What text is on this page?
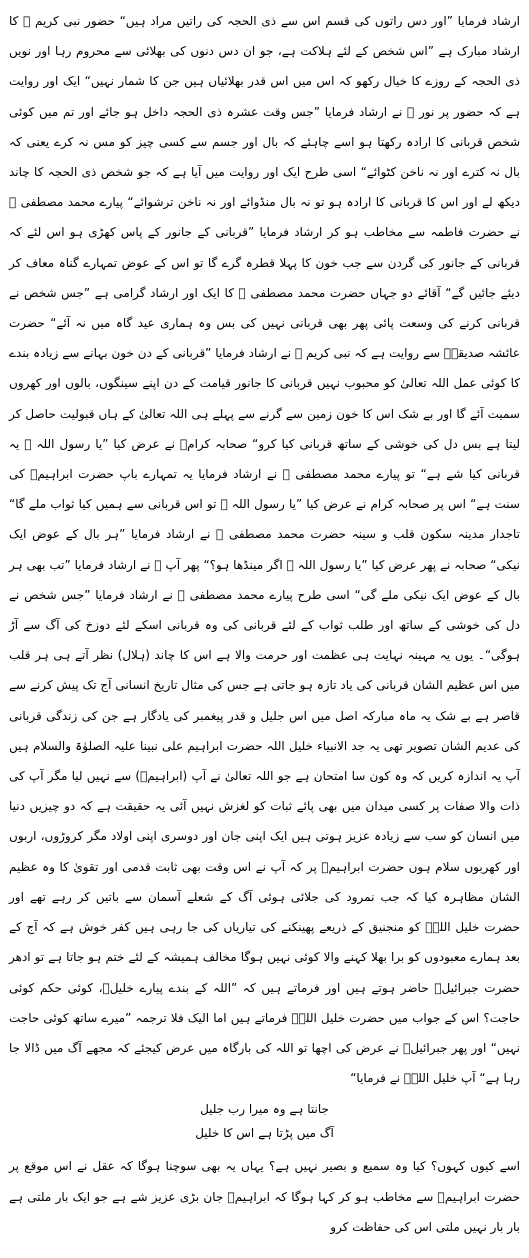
ارشاد فرمایا ”اور دس راتوں کی قسم اس سے ذی الحجہ کی راتیں مراد ہیں“ حضور نبی کریم ﷺ کا ارشاد مبارک ہے ”اس شخص کے لئے ہلاکت ہے، جو ان دس دنوں کی بھلائی سے محروم رہا اور نویں ذی الحجہ کے روزے کا خیال رکھو کہ اس میں اس قدر بھلائیاں ہیں جن کا شمار نہیں“ ایک اور روایت ہے کہ حضور پر نور ﷺ نے ارشاد فرمایا ”جس وقت عشرہ ذی الحجہ داخل ہو جائے اور تم میں کوئی شخص قربانی کا ارادہ رکھتا ہو اسے چاہئے کہ بال اور جسم سے کسی چیز کو مس نہ کرے یعنی کہ بال نہ کترے اور نہ ناخن کٹوائے“ اسی طرح ایک اور روایت میں آیا ہے کہ جو شخص ذی الحجہ کا چاند دیکھ لے اور اس کا قربانی کا ارادہ ہو تو نہ بال منڈوائے اور نہ ناخن ترشوائے“ پیارے محمد مصطفی ﷺ نے حضرت فاطمہ سے مخاطب ہو کر ارشاد فرمایا ”قربانی کے جانور کے پاس کھڑی ہو اس لئے کہ قربانی کے جانور کی گردن سے جب خون کا پہلا قطرہ گرے گا تو اس کے عوض تمہارے گناہ معاف کر دیئے جائیں گے“ آقائے دو جہاں حضرت محمد مصطفی ﷺ کا ایک اور ارشاد گرامی ہے ”جس شخص نے قربانی کرنے کی وسعت پائی پھر بھی قربانی نہیں کی بس وہ ہماری عید گاہ میں نہ آئے“ حضرت عائشہ صدیقہؓ سے روایت ہے کہ نبی کریم ﷺ نے ارشاد فرمایا ”قربانی کے دن خون بہانے سے زیادہ بندے کا کوئی عمل اللہ تعالیٰ کو محبوب نہیں قربانی کا جانور قیامت کے دن اپنے سینگوں، بالوں اور کھروں سمیت آئے گا اور بے شک اس کا خون زمین سے گرنے سے پہلے ہی اللہ تعالیٰ کے ہاں قبولیت حاصل کر لیتا ہے بس دل کی خوشی کے ساتھ قربانی کیا کرو“ صحابہ کرامؓ نے عرض کیا ”یا رسول اللہ ﷺ یہ قربانی کیا شے ہے“ تو پیارے محمد مصطفی ﷺ نے ارشاد فرمایا یہ تمہارے باپ حضرت ابراہیمؑ کی سنت ہے“ اس پر صحابہ کرام نے عرض کیا ”یا رسول اللہ ﷺ تو اس قربانی سے ہمیں کیا ثواب ملے گا“ تاجدار مدینہ سکون قلب و سینہ حضرت محمد مصطفی ﷺ نے ارشاد فرمایا ”ہر بال کے عوض ایک نیکی“ صحابہ نے پھر عرض کیا ”یا رسول اللہ ﷺ اگر مینڈھا ہو؟“ پھر آپ ﷺ نے ارشاد فرمایا ”تب بھی ہر بال کے عوض ایک نیکی ملے گی“ اسی طرح پیارے محمد مصطفی ﷺ نے ارشاد فرمایا ”جس شخص نے دل کی خوشی کے ساتھ اور طلب ثواب کے لئے قربانی کی وہ قربانی اسکے لئے دوزخ کی آگ سے آڑ ہوگی“۔ یوں یہ مہینہ نہایت ہی عظمت اور حرمت والا ہے اس کا چاند (ہلال) نظر آتے ہی ہر قلب میں اس عظیم الشان قربانی کی یاد تازہ ہو جاتی ہے جس کی مثال تاریخ انسانی آج تک پیش کرنے سے قاصر ہے بے شک یہ ماہ مبارکہ اصل میں اس جلیل و قدر پیغمبر کی یادگار ہے جن کی زندگی قربانی کی عدیم الشان تصویر تھی یہ جد الانبیاء خلیل اللہ حضرت ابراہیم علی نبینا علیہ الصلوٰۃ والسلام ہیں آپ یہ اندازہ کریں کہ وہ کون سا امتحان ہے جو اللہ تعالیٰ نے آپ (ابراہیمؑ) سے نہیں لیا مگر آپ کی ذات والا صفات پر کسی میدان میں بھی پائے ثبات کو لغزش نہیں آئی یہ حقیقت ہے کہ دو چیزیں دنیا میں انسان کو سب سے زیادہ عزیز ہوتی ہیں ایک اپنی جان اور دوسری اپنی اولاد مگر کروڑوں، اربوں اور کھربوں سلام ہوں حضرت ابراہیمؑ پر کہ آپ نے اس وقت بھی ثابت قدمی اور تقویٰ کا وہ عظیم الشان مظاہرہ کیا کہ جب نمرود کی جلائی ہوئی آگ کے شعلے آسمان سے باتیں کر رہے تھے اور حضرت خلیل اللہؑ کو منجنیق کے ذریعے پھینکنے کی تیاریاں کی جا رہی ہیں کفر خوش ہے کہ آج کے بعد ہمارے معبودوں کو برا بھلا کہنے والا کوئی نہیں ہوگا مخالف ہمیشہ کے لئے ختم ہو جاتا ہے تو ادھر حضرت جبرائیلؑ حاضر ہوتے ہیں اور فرماتے ہیں کہ ”اللہ کے بندے پیارے خلیلؑ، کوئی حکم کوئی حاجت؟ اس کے جواب میں حضرت خلیل اللہؑ فرماتے ہیں اما الیک فلا ترجمہ ”میرے ساتھ کوئی حاجت نہیں“ اور پھر جبرائیلؑ نے عرض کی اچھا تو اللہ کی بارگاہ میں عرض کیجئے کہ مجھے آگ میں ڈالا جا رہا ہے“ آپ خلیل اللہؑ نے فرمایا“

جانتا ہے وہ میرا رب جلیل
آگ میں پڑتا ہے اس کا خلیل

اسے کیوں کہوں؟ کیا وہ سمیع و بصیر نہیں ہے؟ یہاں یہ بھی سوچنا ہوگا کہ عقل نے اس موقع پر حضرت ابراہیمؑ سے مخاطب ہو کر کہا ہوگا کہ ابراہیمؑ جان بڑی عزیز شے ہے جو ایک بار ملتی ہے بار بار نہیں ملتی اس کی حفاظت کرو
